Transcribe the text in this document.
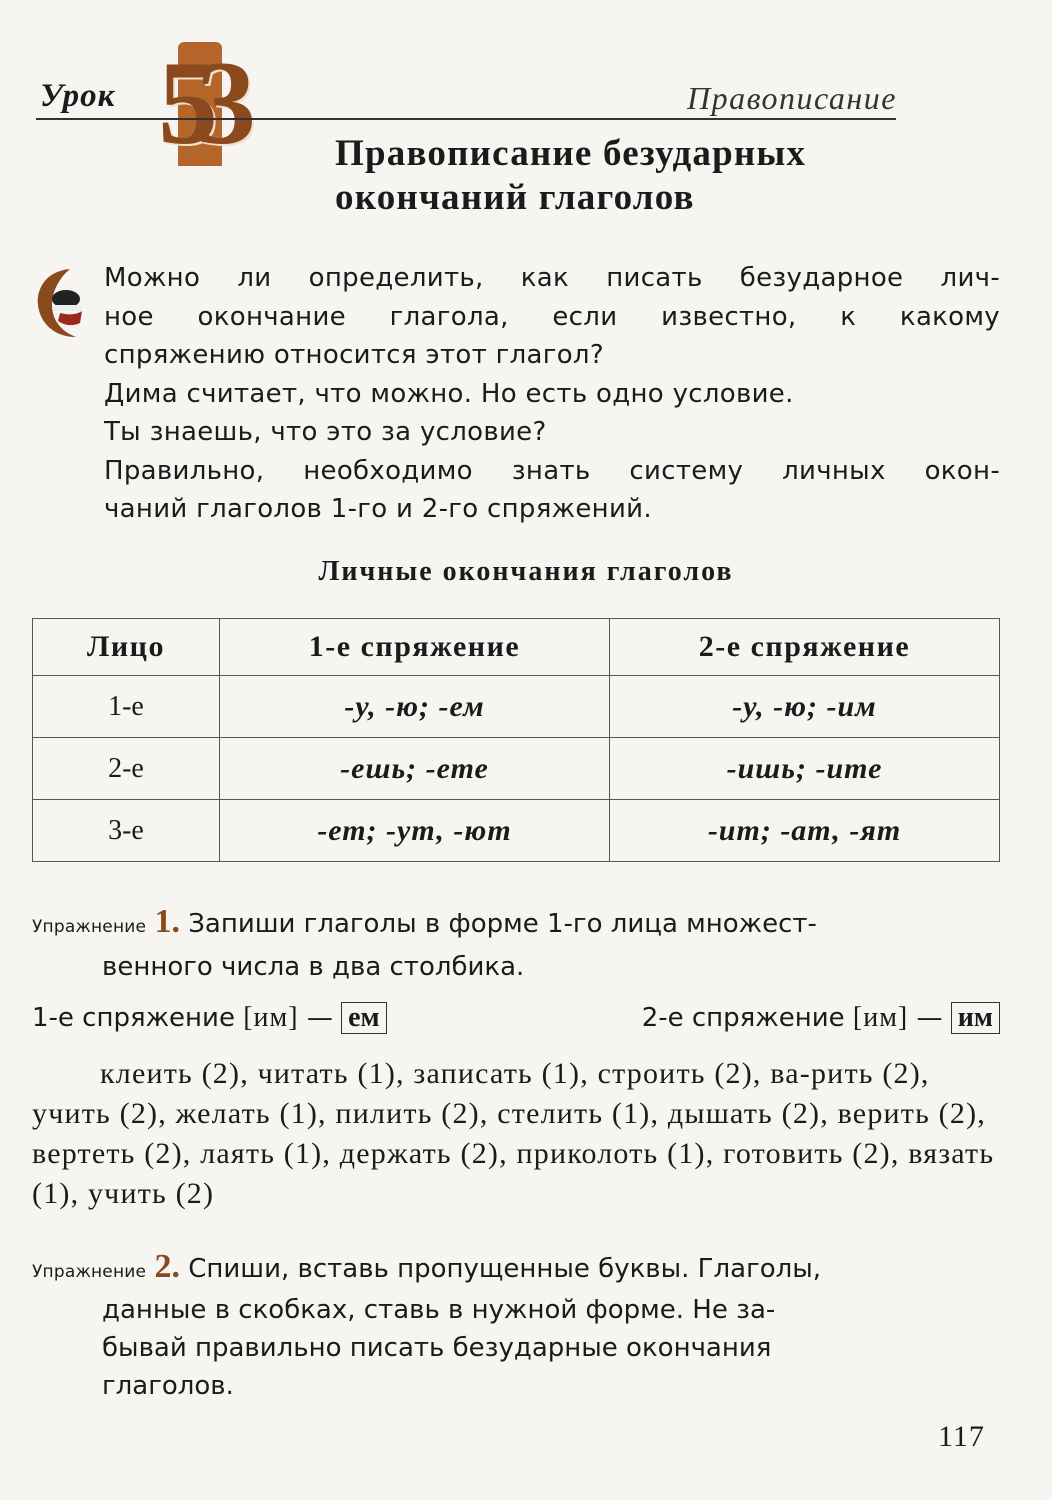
Урок 53	Правописание
Правописание безударных
окончаний глаголов
Можно ли определить, как писать безударное лич-
ное окончание глагола, если известно, к какому
спряжению относится этот глагол?
Дима считает, что можно. Но есть одно условие.
Ты знаешь, что это за условие?
Правильно, необходимо знать систему личных окон-
чаний глаголов 1-го и 2-го спряжений.
Личные окончания глаголов
Лицо	1-е спряжение	2-е спряжение
1-е	-у, -ю; -ем	-у, -ю; -им
2-е	-ешь; -ете	-ишь; -ите
3-е	-ет; -ут, -ют	-ит; -ат, -ят
Упражнение 1. Запиши глаголы в форме 1-го лица множест-
венного числа в два столбика.
1-е спряжение [им] — ем	2-е спряжение [им] — им
клеить (2), читать (1), записать (1), строить (2), ва-рить (2), учить (2), желать (1), пилить (2), стелить (1), дышать (2), верить (2), вертеть (2), лаять (1), держать (2), приколоть (1), готовить (2), вязать (1), учить (2)
Упражнение 2. Спиши, вставь пропущенные буквы. Глаголы,
данные в скобках, ставь в нужной форме. Не за-
бывай правильно писать безударные окончания
глаголов.
117
